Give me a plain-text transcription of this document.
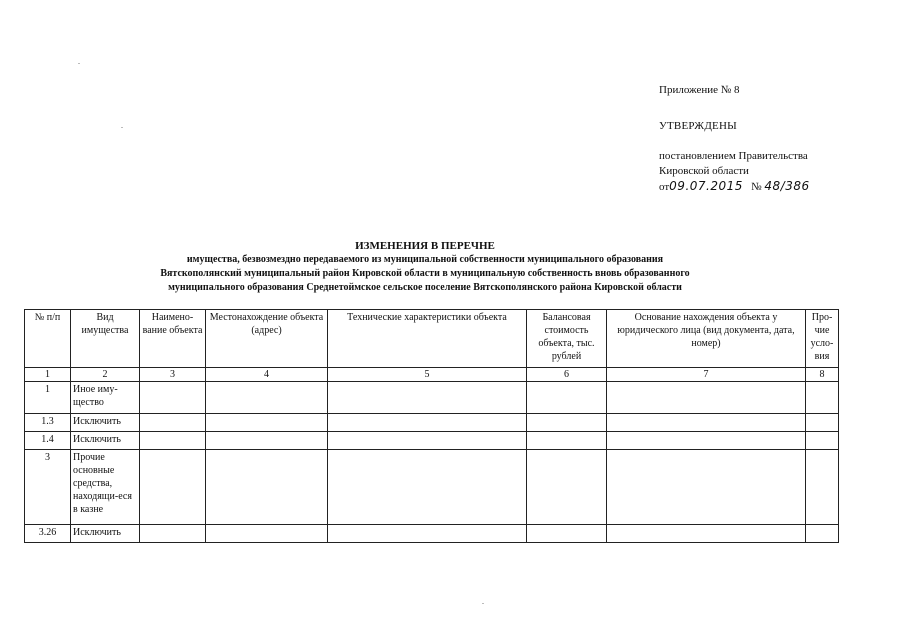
Приложение № 8
УТВЕРЖДЕНЫ
постановлением Правительства
Кировской области
от09.07.2015 № 48/386
ИЗМЕНЕНИЯ В ПЕРЕЧНЕ
имущества, безвозмездно передаваемого из муниципальной собственности муниципального образования
Вятскополянский муниципальный район Кировской области в муниципальную собственность вновь образованного
муниципального образования Среднетоймское сельское поселение Вятскополянского района Кировской области
№ п/п	Вид имущества	Наимено-вание объекта	Местонахождение объекта (адрес)	Технические характеристики объекта	Балансовая стоимость объекта, тыс. рублей	Основание нахождения объекта у юридического лица (вид документа, дата, номер)	Про-чие усло-вия
1	2	3	4	5	6	7	8
1	Иное иму-щество						
1.3	Исключить						
1.4	Исключить						
3	Прочие основные средства, находящи-еся в казне						
3.26	Исключить						
